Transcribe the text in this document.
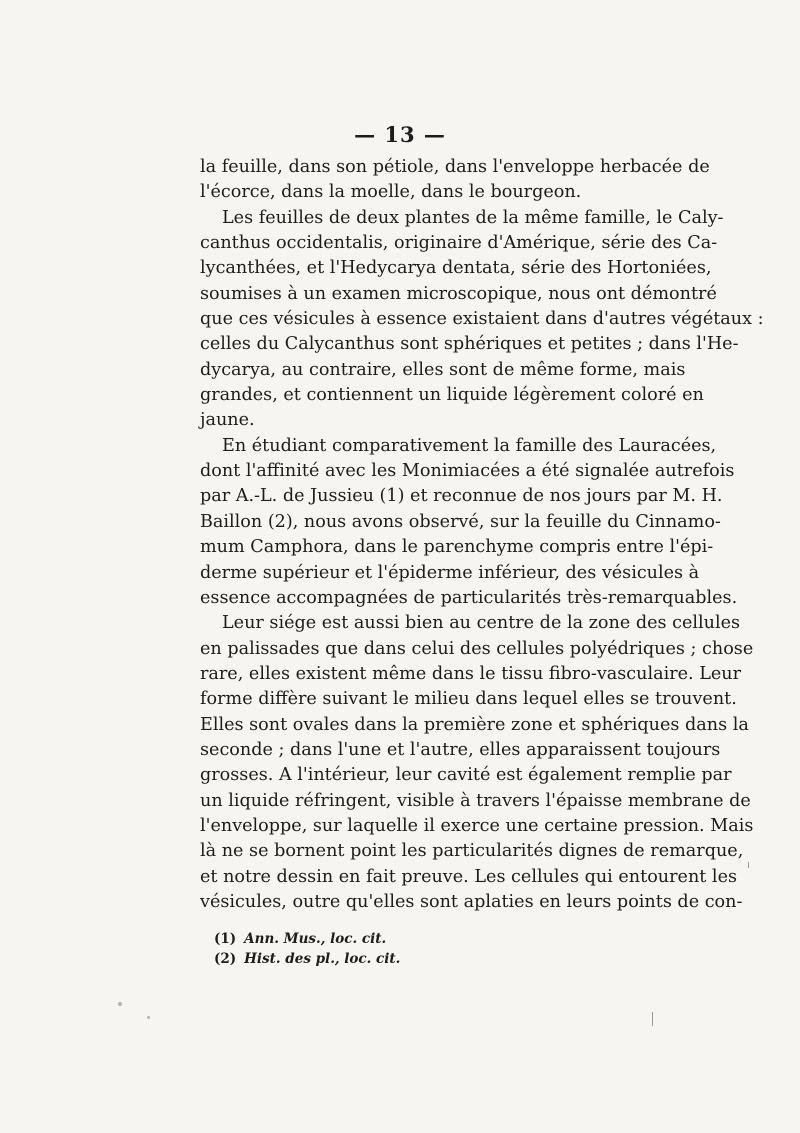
— 13 —
la feuille, dans son pétiole, dans l'enveloppe herbacée de
l'écorce, dans la moelle, dans le bourgeon.
Les feuilles de deux plantes de la même famille, le Caly-
canthus occidentalis, originaire d'Amérique, série des Ca-
lycanthées, et l'Hedycarya dentata, série des Hortoniées,
soumises à un examen microscopique, nous ont démontré
que ces vésicules à essence existaient dans d'autres végétaux :
celles du Calycanthus sont sphériques et petites ; dans l'He-
dycarya, au contraire, elles sont de même forme, mais
grandes, et contiennent un liquide légèrement coloré en
jaune.
En étudiant comparativement la famille des Lauracées,
dont l'affinité avec les Monimiacées a été signalée autrefois
par A.-L. de Jussieu (1) et reconnue de nos jours par M. H.
Baillon (2), nous avons observé, sur la feuille du Cinnamo-
mum Camphora, dans le parenchyme compris entre l'épi-
derme supérieur et l'épiderme inférieur, des vésicules à
essence accompagnées de particularités très-remarquables.
Leur siége est aussi bien au centre de la zone des cellules
en palissades que dans celui des cellules polyédriques ; chose
rare, elles existent même dans le tissu fibro-vasculaire. Leur
forme diffère suivant le milieu dans lequel elles se trouvent.
Elles sont ovales dans la première zone et sphériques dans la
seconde ; dans l'une et l'autre, elles apparaissent toujours
grosses. A l'intérieur, leur cavité est également remplie par
un liquide réfringent, visible à travers l'épaisse membrane de
l'enveloppe, sur laquelle il exerce une certaine pression. Mais
là ne se bornent point les particularités dignes de remarque,
et notre dessin en fait preuve. Les cellules qui entourent les
vésicules, outre qu'elles sont aplaties en leurs points de con-
(1) Ann. Mus., loc. cit.
(2) Hist. des pl., loc. cit.
